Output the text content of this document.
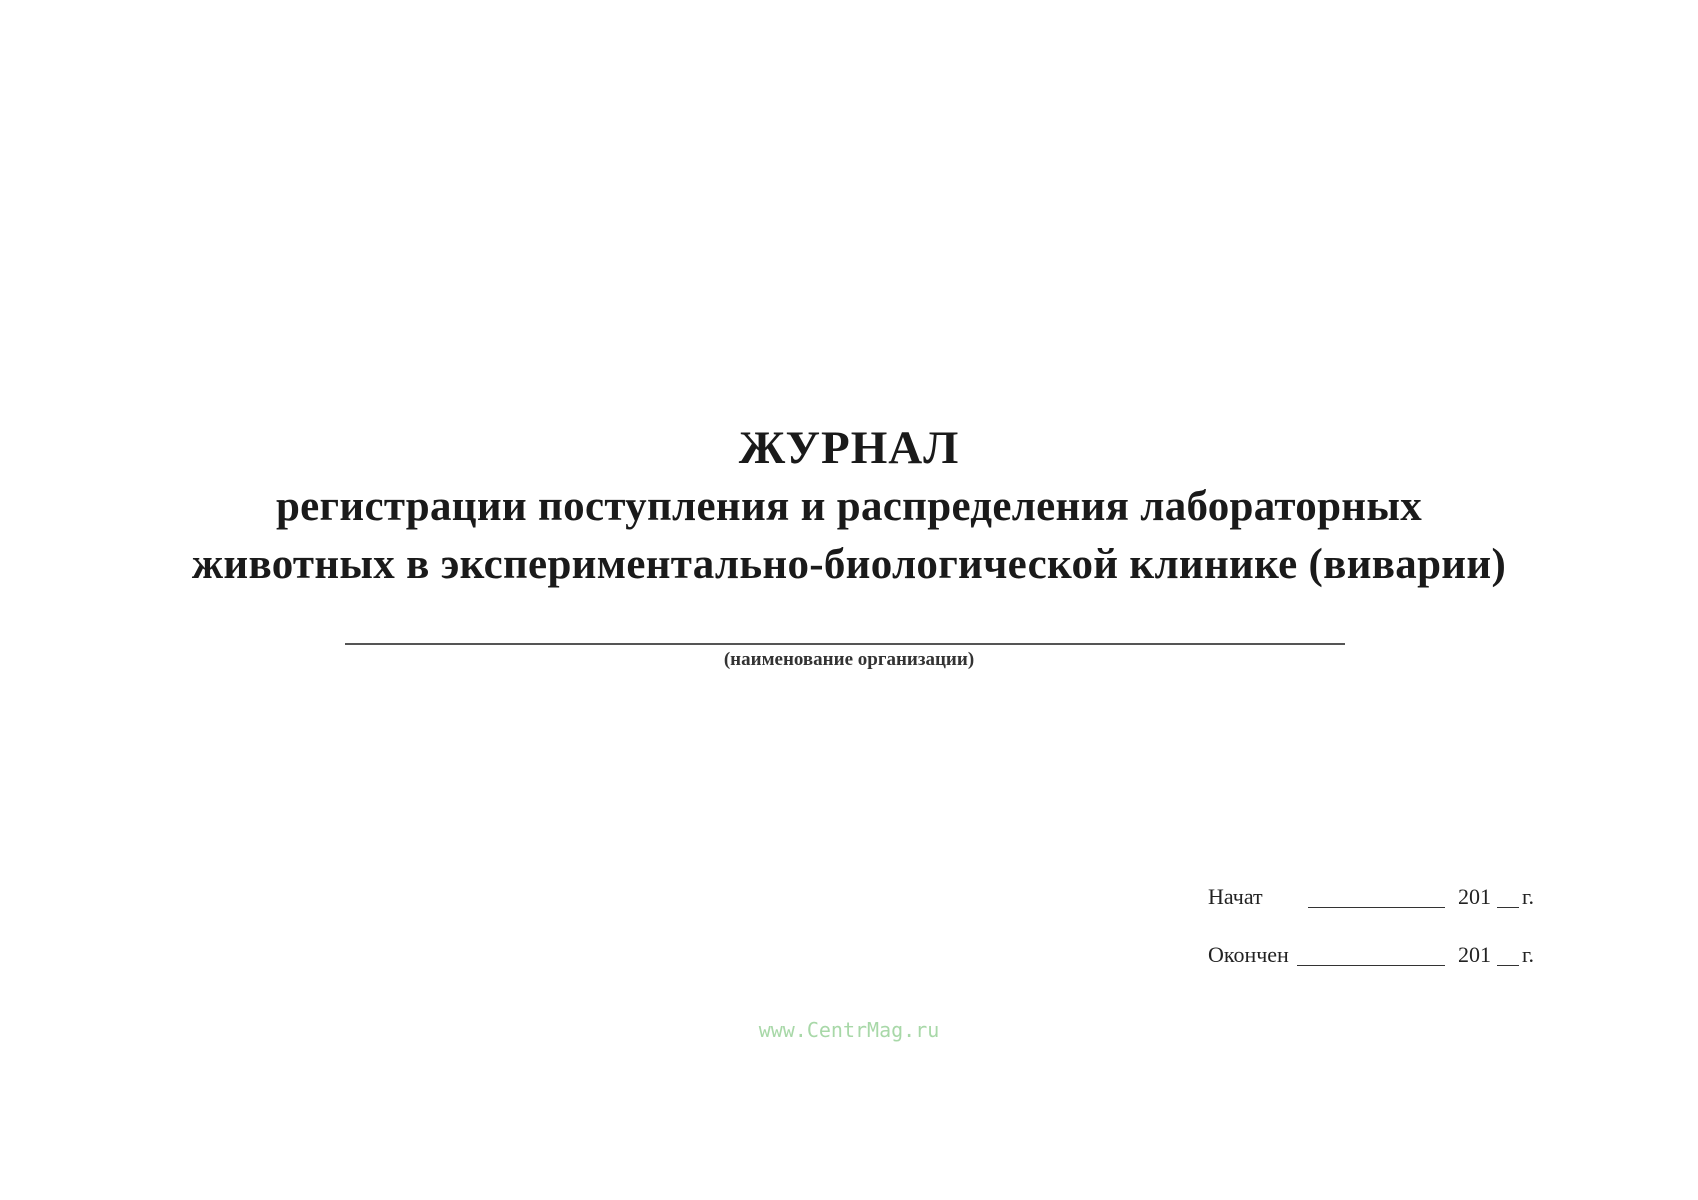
ЖУРНАЛ

регистрации поступления и распределения лабораторных

животных в экспериментально-биологической клинике (виварии)

(наименование организации)
Начат	201 г.
Окончен	201 г.
www.CentrMag.ru
